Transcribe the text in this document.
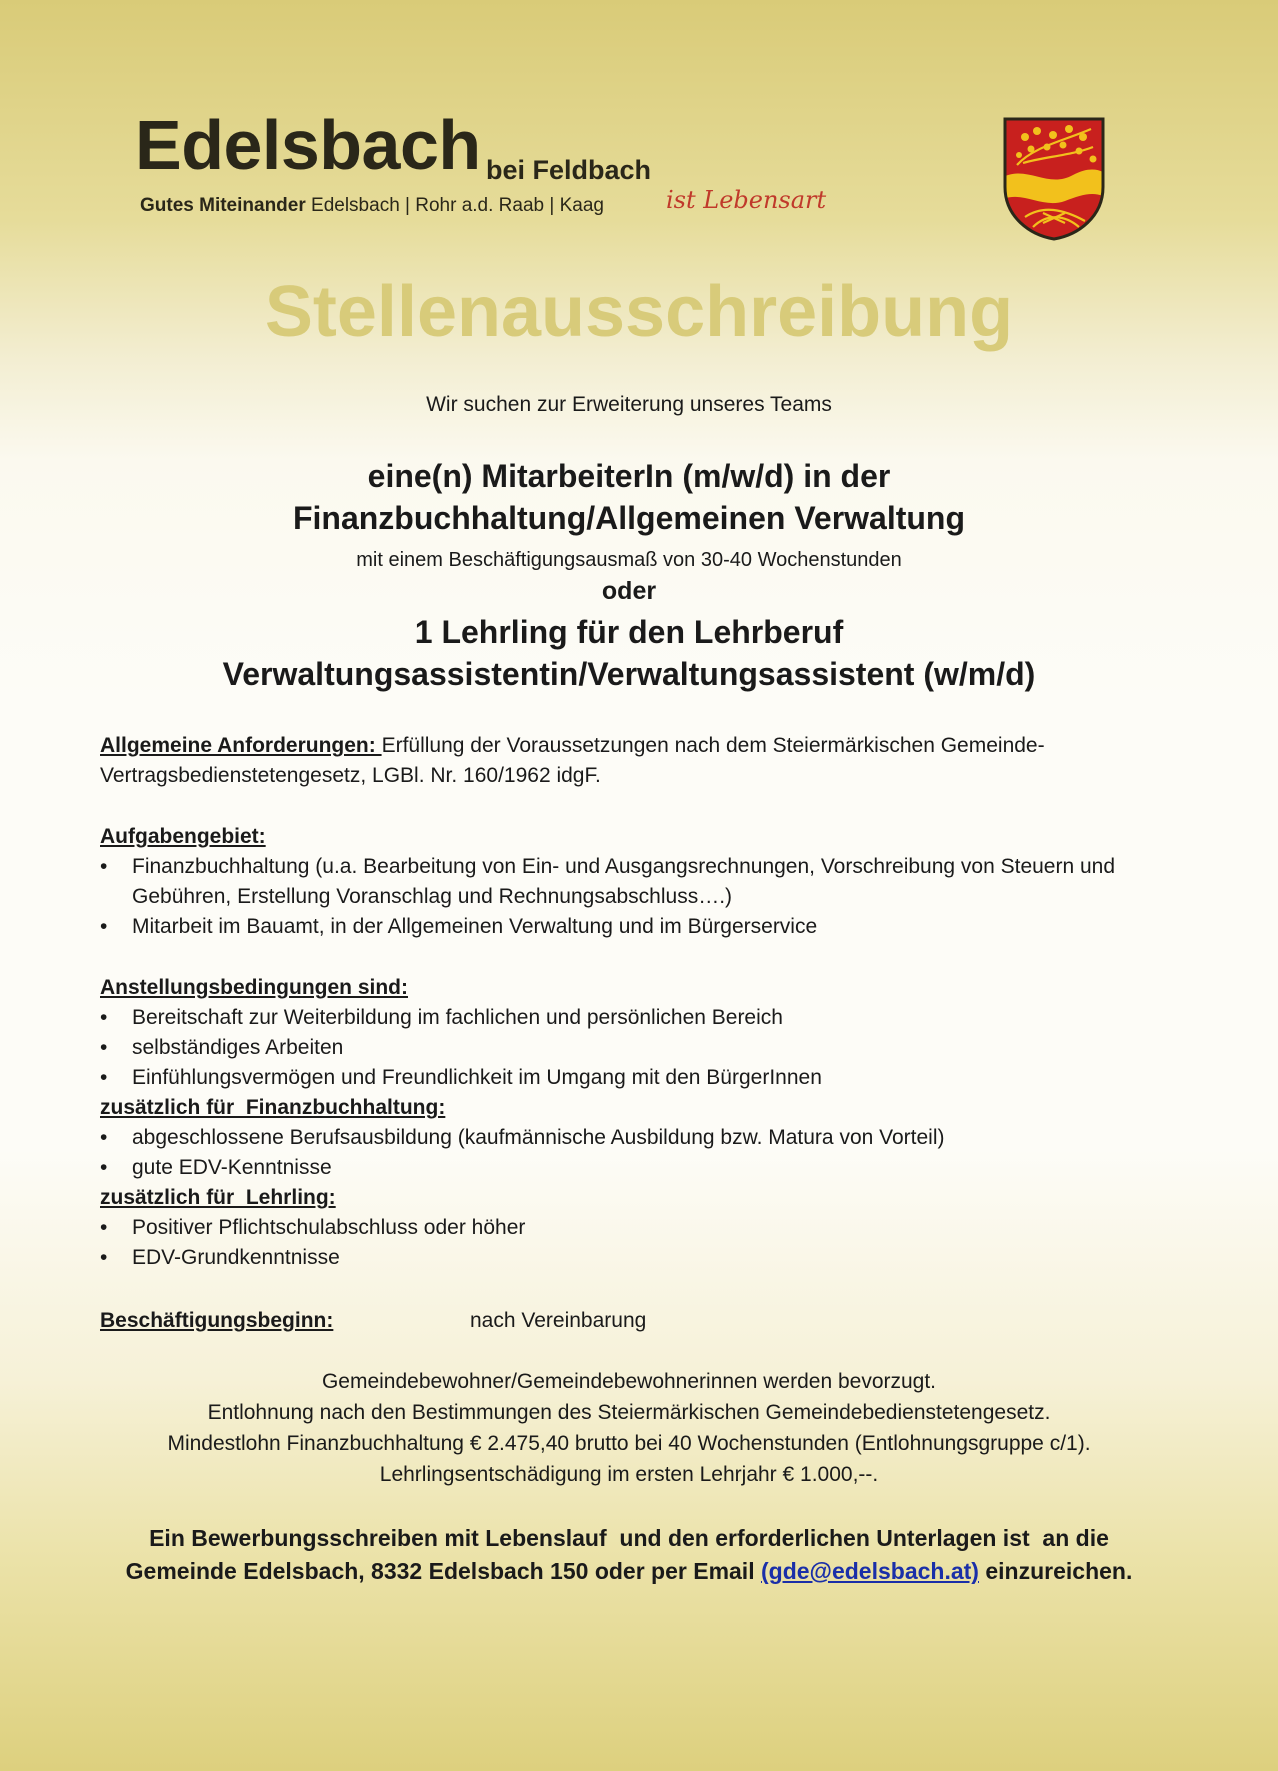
Edelsbach bei Feldbach
Gutes Miteinander Edelsbach | Rohr a.d. Raab | Kaag	ist Lebensart
Stellenausschreibung
Wir suchen zur Erweiterung unseres Teams
eine(n) MitarbeiterIn (m/w/d) in der
Finanzbuchhaltung/Allgemeinen Verwaltung
mit einem Beschäftigungsausmaß von 30-40 Wochenstunden
oder
1 Lehrling für den Lehrberuf
Verwaltungsassistentin/Verwaltungsassistent (w/m/d)
Allgemeine Anforderungen: Erfüllung der Voraussetzungen nach dem Steiermärkischen Gemeinde-Vertragsbedienstetengesetz, LGBl. Nr. 160/1962 idgF.
Aufgabengebiet:
• Finanzbuchhaltung (u.a. Bearbeitung von Ein- und Ausgangsrechnungen, Vorschreibung von Steuern und Gebühren, Erstellung Voranschlag und Rechnungsabschluss….)
• Mitarbeit im Bauamt, in der Allgemeinen Verwaltung und im Bürgerservice
Anstellungsbedingungen sind:
• Bereitschaft zur Weiterbildung im fachlichen und persönlichen Bereich
• selbständiges Arbeiten
• Einfühlungsvermögen und Freundlichkeit im Umgang mit den BürgerInnen
zusätzlich für  Finanzbuchhaltung:
• abgeschlossene Berufsausbildung (kaufmännische Ausbildung bzw. Matura von Vorteil)
• gute EDV-Kenntnisse
zusätzlich für  Lehrling:
• Positiver Pflichtschulabschluss oder höher
• EDV-Grundkenntnisse
Beschäftigungsbeginn:	nach Vereinbarung
Gemeindebewohner/Gemeindebewohnerinnen werden bevorzugt.
Entlohnung nach den Bestimmungen des Steiermärkischen Gemeindebedienstetengesetz.
Mindestlohn Finanzbuchhaltung € 2.475,40 brutto bei 40 Wochenstunden (Entlohnungsgruppe c/1).
Lehrlingsentschädigung im ersten Lehrjahr € 1.000,--.
Ein Bewerbungsschreiben mit Lebenslauf  und den erforderlichen Unterlagen ist  an die
Gemeinde Edelsbach, 8332 Edelsbach 150 oder per Email (gde@edelsbach.at) einzureichen.
